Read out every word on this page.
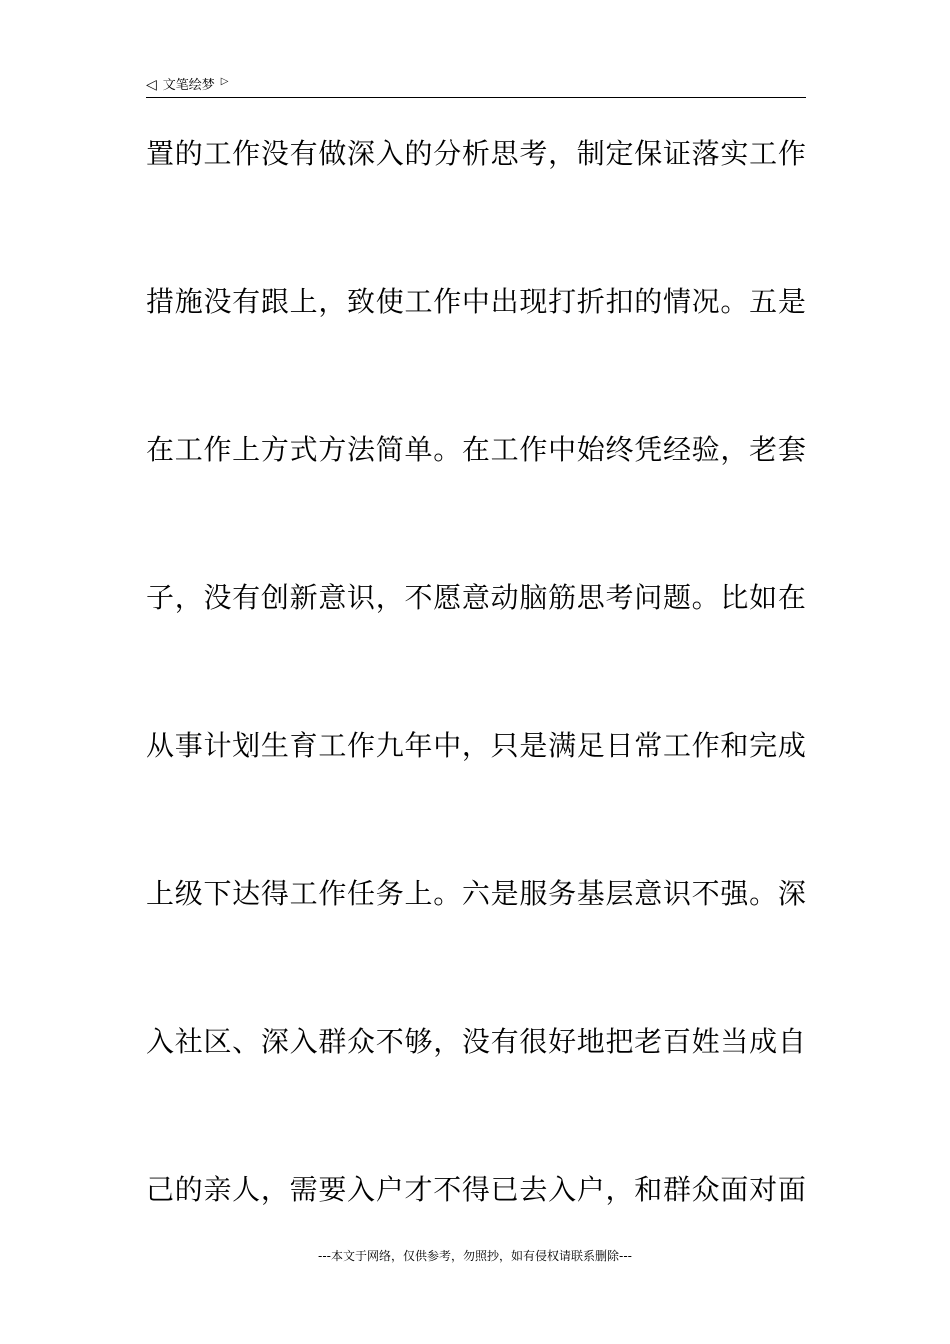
◁ 文笔绘梦 ▷
置 的 工 作 没 有 做 深 入 的 分 析 思 考 ， 制 定 保 证 落 实 工 作
措 施 没 有 跟 上 ， 致 使 工 作 中 出 现 打 折 扣 的 情 况 。 五 是
在 工 作 上 方 式 方 法 简 单 。 在 工 作 中 始 终 凭 经 验 ， 老 套
子 ， 没 有 创 新 意 识 ， 不 愿 意 动 脑 筋 思 考 问 题 。 比 如 在
从 事 计 划 生 育 工 作 九 年 中 ， 只 是 满 足 日 常 工 作 和 完 成
上 级 下 达 得 工 作 任 务 上 。 六 是 服 务 基 层 意 识 不 强 。 深
入 社 区 、 深 入 群 众 不 够 ， 没 有 很 好 地 把 老 百 姓 当 成 自
己 的 亲 人 ， 需 要 入 户 才 不 得 已 去 入 户 ， 和 群 众 面 对 面
---本文于网络，仅供参考，勿照抄，如有侵权请联系删除---
